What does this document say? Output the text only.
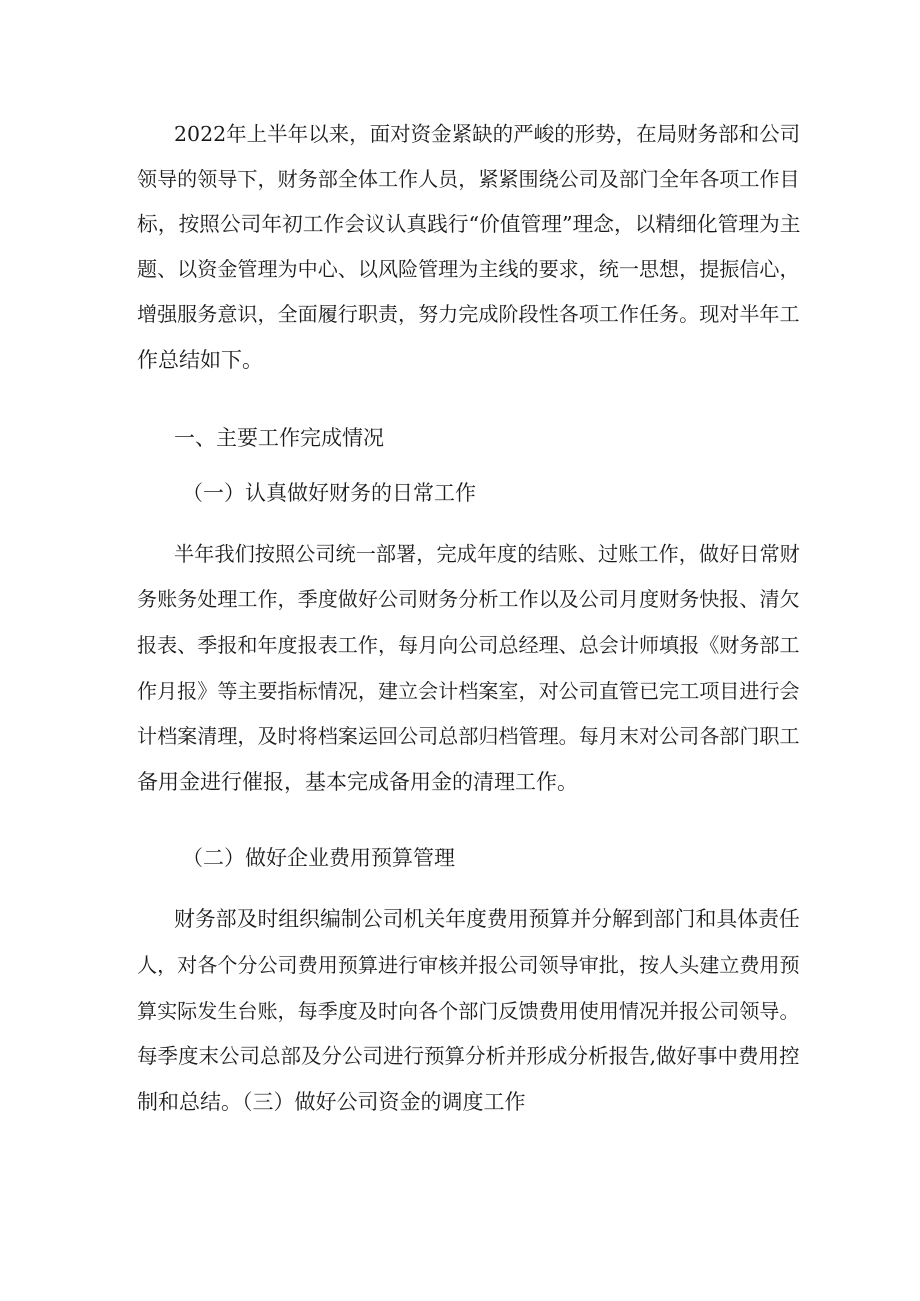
2022年上半年以来，面对资金紧缺的严峻的形势，在局财务部和公司
领导的领导下，财务部全体工作人员，紧紧围绕公司及部门全年各项工作目
标，按照公司年初工作会议认真践行“价值管理”理念，以精细化管理为主
题、以资金管理为中心、以风险管理为主线的要求，统一思想，提振信心，
增强服务意识，全面履行职责，努力完成阶段性各项工作任务。现对半年工
作总结如下。
一、主要工作完成情况
（一）认真做好财务的日常工作
半年我们按照公司统一部署，完成年度的结账、过账工作，做好日常财
务账务处理工作，季度做好公司财务分析工作以及公司月度财务快报、清欠
报表、季报和年度报表工作，每月向公司总经理、总会计师填报《财务部工
作月报》等主要指标情况，建立会计档案室，对公司直管已完工项目进行会
计档案清理，及时将档案运回公司总部归档管理。每月末对公司各部门职工
备用金进行催报，基本完成备用金的清理工作。
（二）做好企业费用预算管理
财务部及时组织编制公司机关年度费用预算并分解到部门和具体责任
人，对各个分公司费用预算进行审核并报公司领导审批，按人头建立费用预
算实际发生台账，每季度及时向各个部门反馈费用使用情况并报公司领导。
每季度末公司总部及分公司进行预算分析并形成分析报告,做好事中费用控
制和总结。（三）做好公司资金的调度工作
